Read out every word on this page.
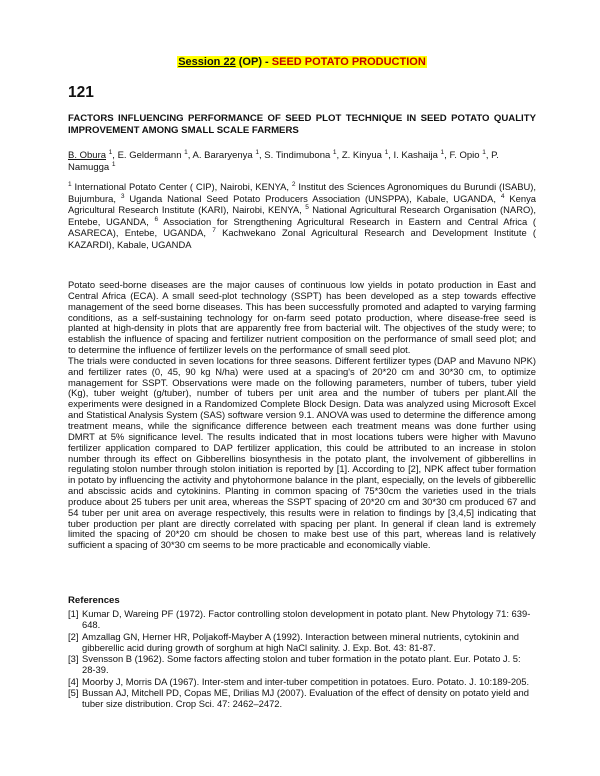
Session 22 (OP) - SEED POTATO PRODUCTION
121
FACTORS INFLUENCING PERFORMANCE OF SEED PLOT TECHNIQUE IN SEED POTATO QUALITY IMPROVEMENT AMONG SMALL SCALE FARMERS
B. Obura $^1$, E. Geldermann $^1$, A. Bararyenya $^1$, S. Tindimubona $^1$, Z. Kinyua $^1$, I. Kashaija $^1$, F. Opio $^1$, P. Namugga $^1$
$^1$ International Potato Center ( CIP), Nairobi, KENYA, $^2$ Institut des Sciences Agronomiques du Burundi (ISABU), Bujumbura, $^3$ Uganda National Seed Potato Producers Association (UNSPPA), Kabale, UGANDA, $^4$ Kenya Agricultural Research Institute (KARI), Nairobi, KENYA, $^5$ National Agricultural Research Organisation (NARO), Entebe, UGANDA, $^6$ Association for Strengthening Agricultural Research in Eastern and Central Africa ( ASARECA), Entebe, UGANDA, $^7$ Kachwekano Zonal Agricultural Research and Development Institute ( KAZARDI), Kabale, UGANDA

Potato seed-borne diseases are the major causes of continuous low yields in potato production in East and Central Africa (ECA). A small seed-plot technology (SSPT) has been developed as a step towards effective management of the seed borne diseases. This has been successfully promoted and adapted to varying farming conditions, as a self-sustaining technology for on-farm seed potato production, where disease-free seed is planted at high-density in plots that are apparently free from bacterial wilt. The objectives of the study were; to establish the influence of spacing and fertilizer nutrient composition on the performance of small seed plot; and to determine the influence of fertilizer levels on the performance of small seed plot.

The trials were conducted in seven locations for three seasons. Different fertilizer types (DAP and Mavuno NPK) and fertilizer rates (0, 45, 90 kg N/ha) were used at a spacing's of 20*20 cm and 30*30 cm, to optimize management for SSPT. Observations were made on the following parameters, number of tubers, tuber yield (Kg), tuber weight (g/tuber), number of tubers per unit area and the number of tubers per plant.All the experiments were designed in a Randomized Complete Block Design. Data was analyzed using Microsoft Excel and Statistical Analysis System (SAS) software version 9.1. ANOVA was used to determine the difference among treatment means, while the significance difference between each treatment means was done further using DMRT at 5% significance level. The results indicated that in most locations tubers were higher with Mavuno fertilizer application compared to DAP fertilizer application, this could be attributed to an increase in stolon number through its effect on Gibberellins biosynthesis in the potato plant, the involvement of gibberellins in regulating stolon number through stolon initiation is reported by [1]. According to [2], NPK affect tuber formation in potato by influencing the activity and phytohormone balance in the plant, especially, on the levels of gibberellic and abscissic acids and cytokinins. Planting in common spacing of 75*30cm the varieties used in the trials produce about 25 tubers per unit area, whereas the SSPT spacing of 20*20 cm and 30*30 cm produced 67 and 54 tuber per unit area on average respectively, this results were in relation to findings by [3,4,5] indicating that tuber production per plant are directly correlated with spacing per plant. In general if clean land is extremely limited the spacing of 20*20 cm should be chosen to make best use of this part, whereas land is relatively sufficient a spacing of 30*30 cm seems to be more practicable and economically viable.

References
[1] Kumar D, Wareing PF (1972). Factor controlling stolon development in potato plant. New Phytology 71: 639-648.
[2] Amzallag GN, Herner HR, Poljakoff-Mayber A (1992). Interaction between mineral nutrients, cytokinin and gibberellic acid during growth of sorghum at high NaCl salinity. J. Exp. Bot. 43: 81-87.
[3] Svensson B (1962). Some factors affecting stolon and tuber formation in the potato plant. Eur. Potato J. 5: 28-39.
[4] Moorby J, Morris DA (1967). Inter-stem and inter-tuber competition in potatoes. Euro. Potato. J. 10:189-205.
[5] Bussan AJ, Mitchell PD, Copas ME, Drilias MJ (2007). Evaluation of the effect of density on potato yield and tuber size distribution. Crop Sci. 47: 2462–2472.
